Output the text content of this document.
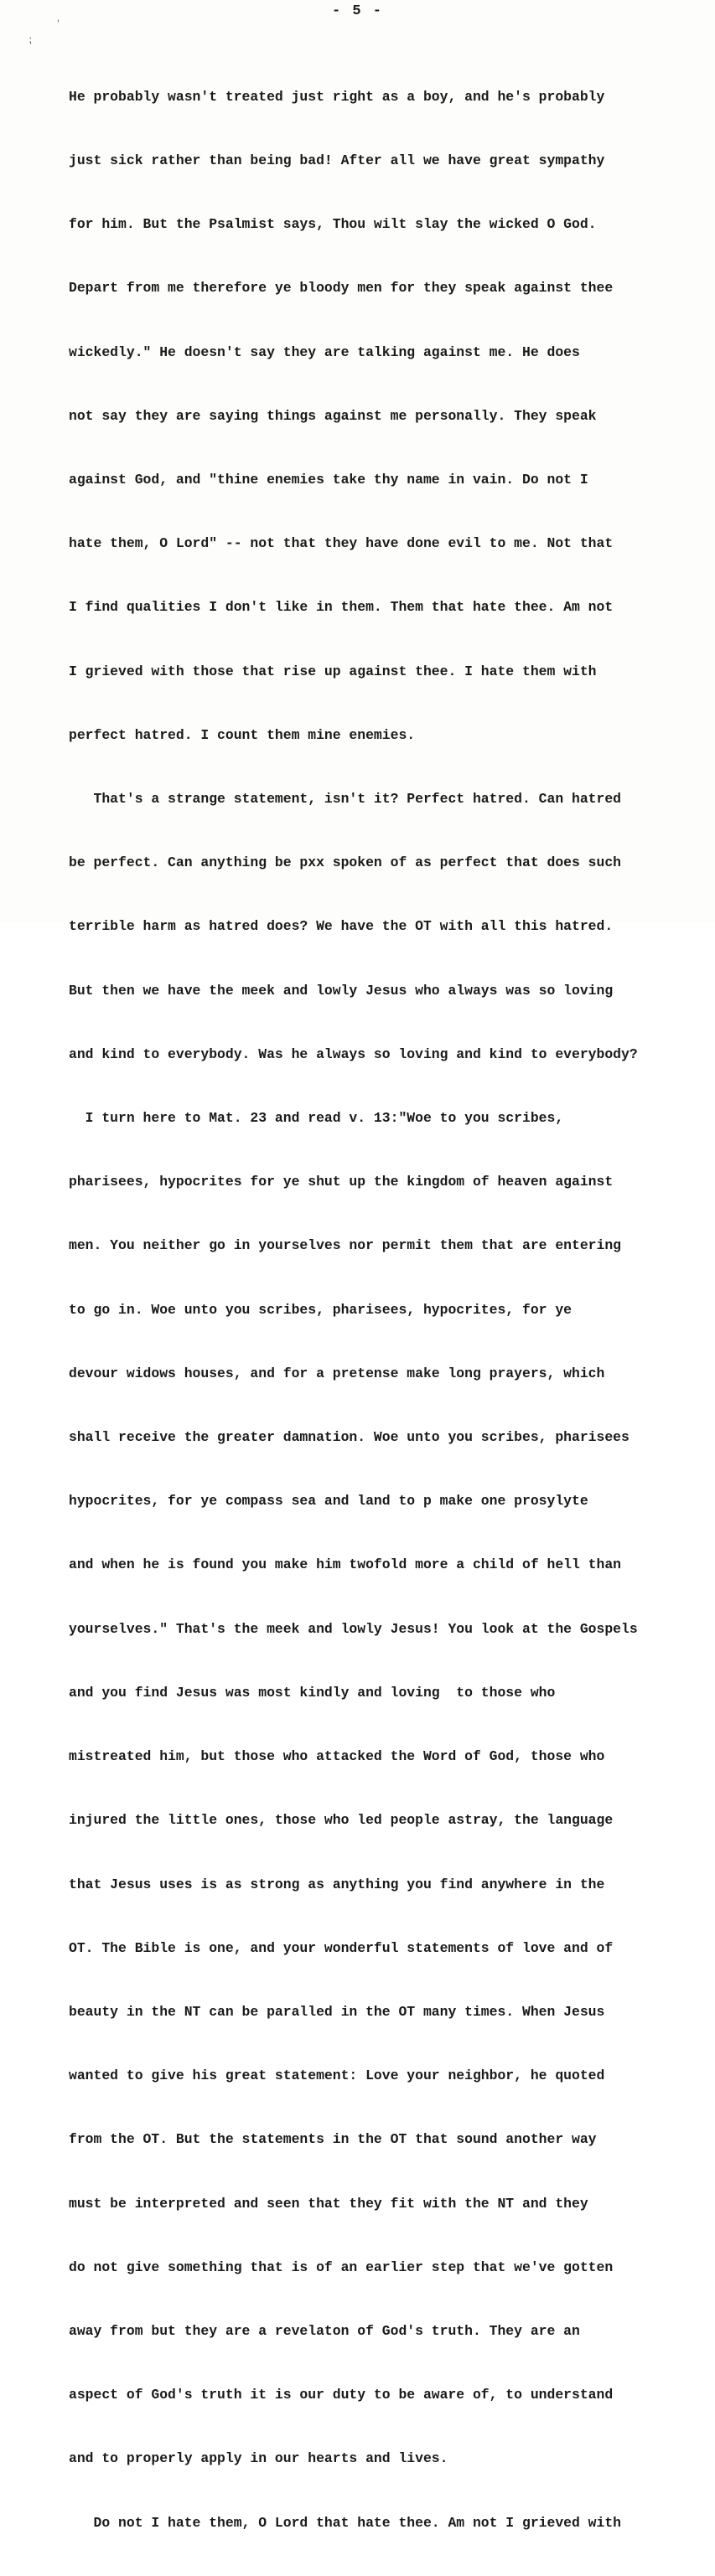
⁏
ʻ
- 5 -

He probably wasn't treated just right as a boy, and he's probably

just sick rather than being bad! After all we have great sympathy

for him. But the Psalmist says, Thou wilt slay the wicked O God.

Depart from me therefore ye bloody men for they speak against thee

wickedly." He doesn't say they are talking against me. He does

not say they are saying things against me personally. They speak

against God, and "thine enemies take thy name in vain. Do not I

hate them, O Lord" -- not that they have done evil to me. Not that

I find qualities I don't like in them. Them that hate thee. Am not

I grieved with those that rise up against thee. I hate them with

perfect hatred. I count them mine enemies.

That's a strange statement, isn't it? Perfect hatred. Can hatred

be perfect. Can anything be pxx spoken of as perfect that does such

terrible harm as hatred does? We have the OT with all this hatred.

But then we have the meek and lowly Jesus who always was so loving

and kind to everybody. Was he always so loving and kind to everybody?

I turn here to Mat. 23 and read v. 13:"Woe to you scribes,

pharisees, hypocrites for ye shut up the kingdom of heaven against

men. You neither go in yourselves nor permit them that are entering

to go in. Woe unto you scribes, pharisees, hypocrites, for ye

devour widows houses, and for a pretense make long prayers, which

shall receive the greater damnation. Woe unto you scribes, pharisees

hypocrites, for ye compass sea and land to p make one prosylyte

and when he is found you make him twofold more a child of hell than

yourselves." That's the meek and lowly Jesus! You look at the Gospels

and you find Jesus was most kindly and loving  to those who

mistreated him, but those who attacked the Word of God, those who

injured the little ones, those who led people astray, the language

that Jesus uses is as strong as anything you find anywhere in the

OT. The Bible is one, and your wonderful statements of love and of

beauty in the NT can be paralled in the OT many times. When Jesus

wanted to give his great statement: Love your neighbor, he quoted

from the OT. But the statements in the OT that sound another way

must be interpreted and seen that they fit with the NT and they

do not give something that is of an earlier step that we've gotten

away from but they are a revelaton of God's truth. They are an

aspect of God's truth it is our duty to be aware of, to understand

and to properly apply in our hearts and lives.

Do not I hate them, O Lord that hate thee. Am not I grieved with
